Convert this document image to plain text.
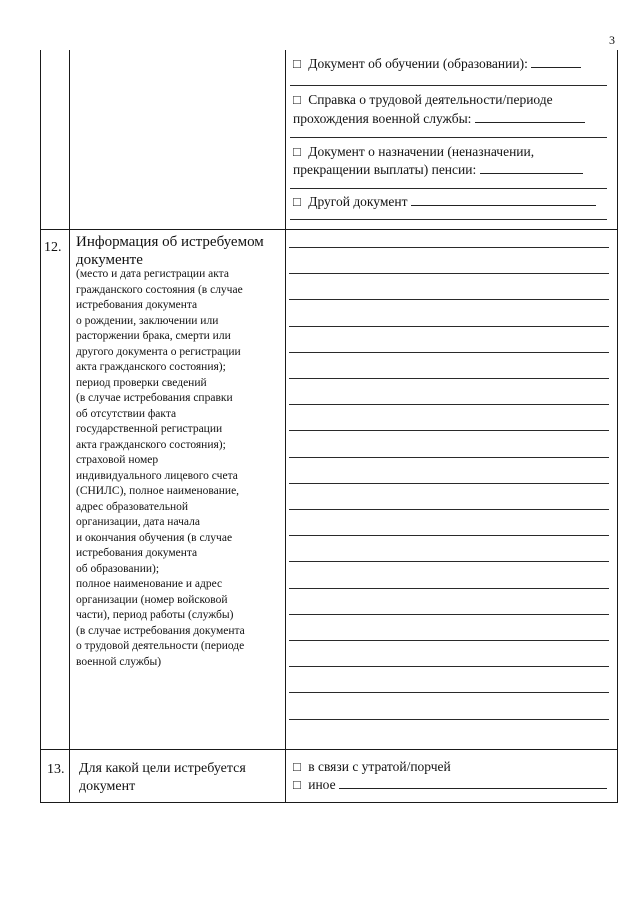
3
□ Документ об обучении (образовании):
□ Справка о трудовой деятельности/периоде
прохождения военной службы:
□ Документ о назначении (неназначении,
прекращении выплаты) пенсии:
□ Другой документ
12. Информация об истребуемом
документе
(место и дата регистрации акта
гражданского состояния (в случае
истребования документа
о рождении, заключении или
расторжении брака, смерти или
другого документа о регистрации
акта гражданского состояния);
период проверки сведений
(в случае истребования справки
об отсутствии факта
государственной регистрации
акта гражданского состояния);
страховой номер
индивидуального лицевого счета
(СНИЛС), полное наименование,
адрес образовательной
организации, дата начала
и окончания обучения (в случае
истребования документа
об образовании);
полное наименование и адрес
организации (номер войсковой
части), период работы (службы)
(в случае истребования документа
о трудовой деятельности (периоде
военной службы)
13. Для какой цели истребуется
документ
□ в связи с утратой/порчей
□ иное
